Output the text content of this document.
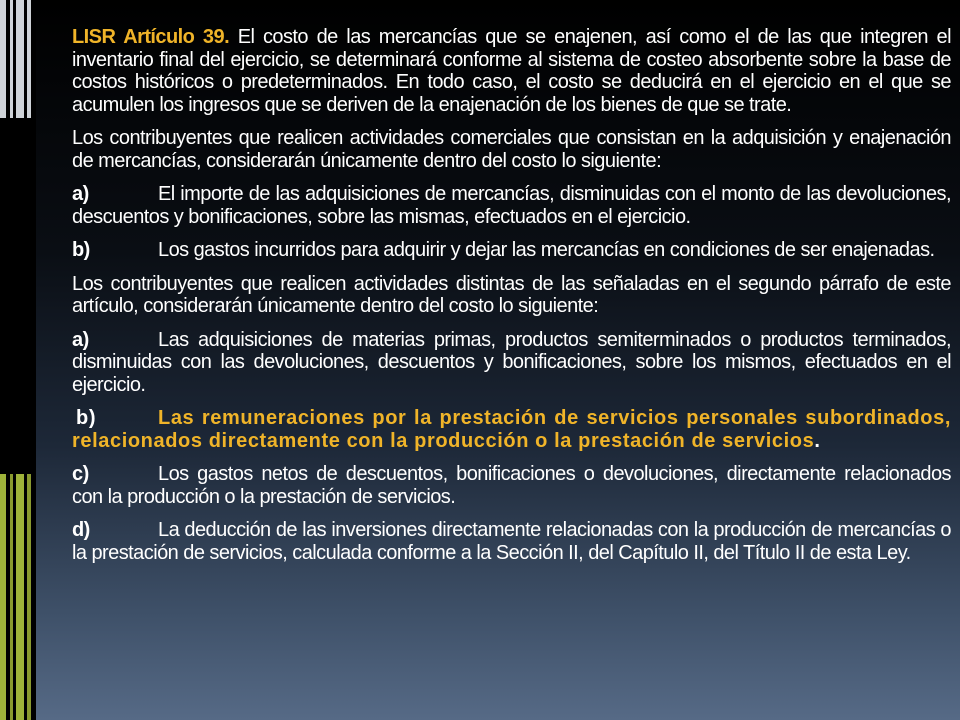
LISR Artículo 39. El costo de las mercancías que se enajenen, así como el de las que integren el inventario final del ejercicio, se determinará conforme al sistema de costeo absorbente sobre la base de costos históricos o predeterminados. En todo caso, el costo se deducirá en el ejercicio en el que se acumulen los ingresos que se deriven de la enajenación de los bienes de que se trate.

Los contribuyentes que realicen actividades comerciales que consistan en la adquisición y enajenación de mercancías, considerarán únicamente dentro del costo lo siguiente:

a)	El importe de las adquisiciones de mercancías, disminuidas con el monto de las devoluciones, descuentos y bonificaciones, sobre las mismas, efectuados en el ejercicio.

b)	Los gastos incurridos para adquirir y dejar las mercancías en condiciones de ser enajenadas.

Los contribuyentes que realicen actividades distintas de las señaladas en el segundo párrafo de este artículo, considerarán únicamente dentro del costo lo siguiente:

a)	Las adquisiciones de materias primas, productos semiterminados o productos terminados, disminuidas con las devoluciones, descuentos y bonificaciones, sobre los mismos, efectuados en el ejercicio.

b)	Las remuneraciones por la prestación de servicios personales subordinados, relacionados directamente con la producción o la prestación de servicios.

c)	Los gastos netos de descuentos, bonificaciones o devoluciones, directamente relacionados con la producción o la prestación de servicios.

d)	La deducción de las inversiones directamente relacionadas con la producción de mercancías o la prestación de servicios, calculada conforme a la Sección II, del Capítulo II, del Título II de esta Ley.
